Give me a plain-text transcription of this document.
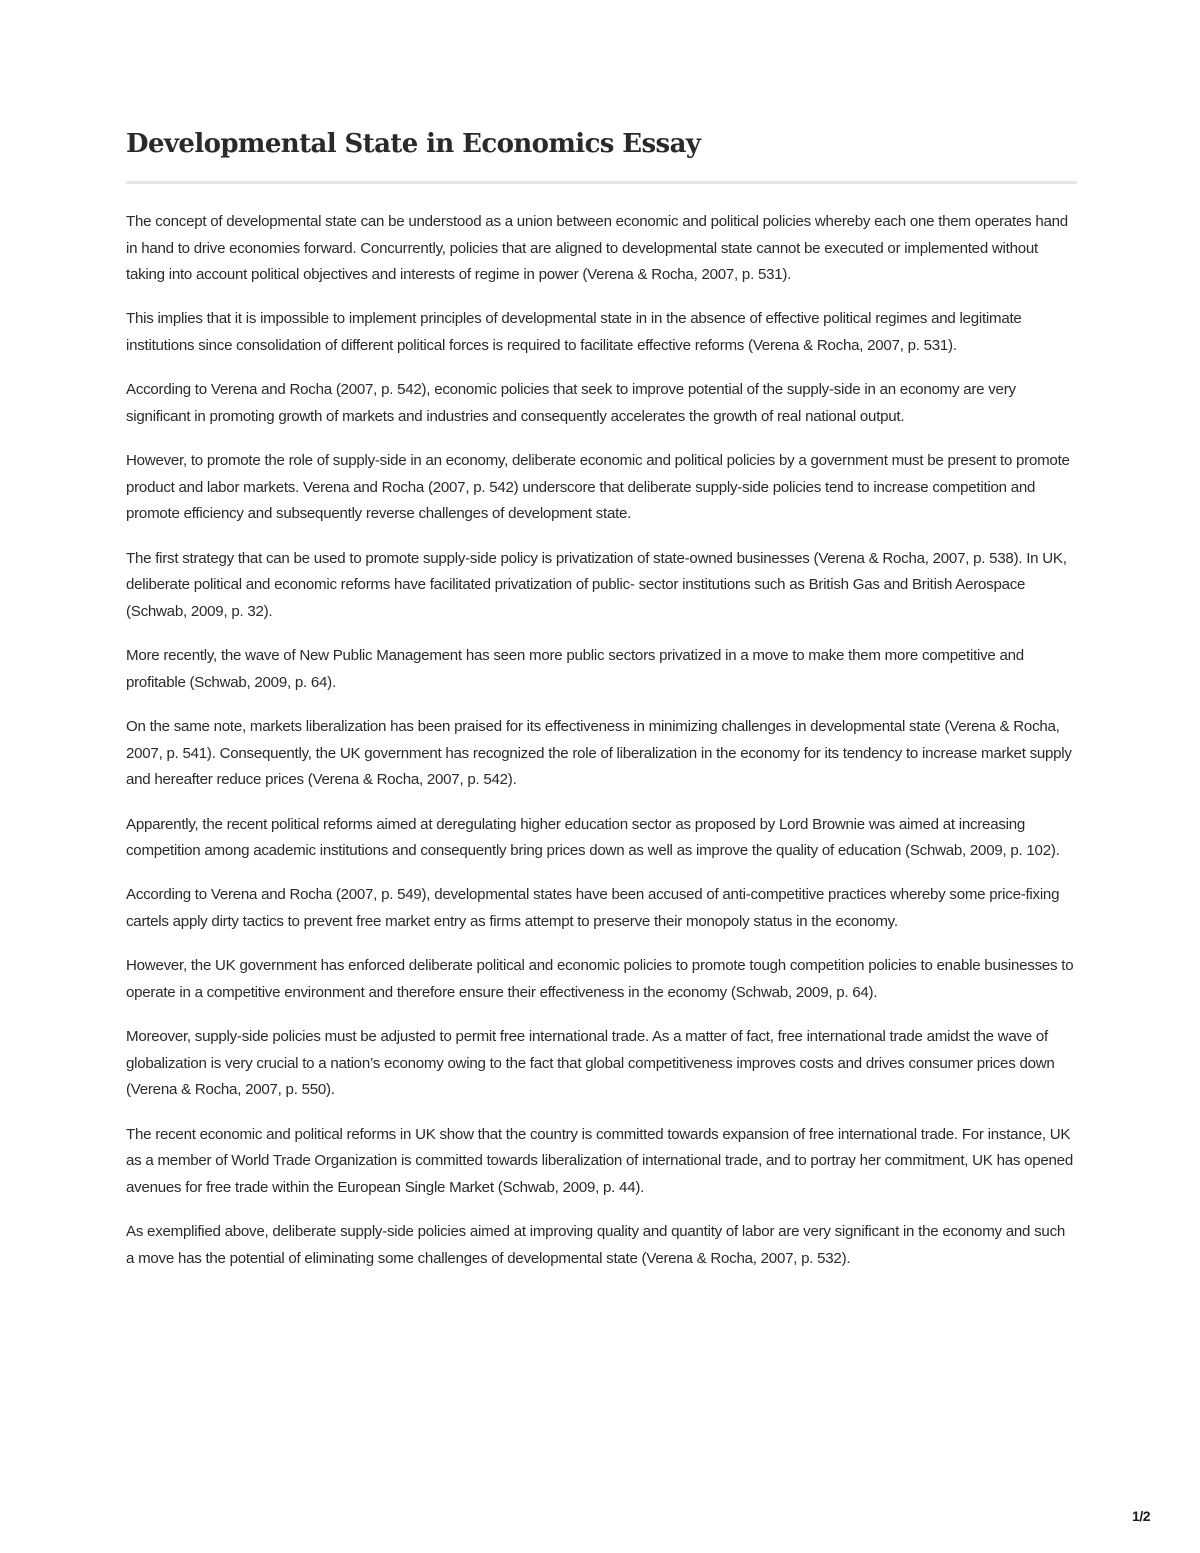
Developmental State in Economics Essay

The concept of developmental state can be understood as a union between economic and political policies whereby each one them operates hand in hand to drive economies forward. Concurrently, policies that are aligned to developmental state cannot be executed or implemented without taking into account political objectives and interests of regime in power (Verena & Rocha, 2007, p. 531).

This implies that it is impossible to implement principles of developmental state in in the absence of effective political regimes and legitimate institutions since consolidation of different political forces is required to facilitate effective reforms (Verena & Rocha, 2007, p. 531).

According to Verena and Rocha (2007, p. 542), economic policies that seek to improve potential of the supply-side in an economy are very significant in promoting growth of markets and industries and consequently accelerates the growth of real national output.

However, to promote the role of supply-side in an economy, deliberate economic and political policies by a government must be present to promote product and labor markets. Verena and Rocha (2007, p. 542) underscore that deliberate supply-side policies tend to increase competition and promote efficiency and subsequently reverse challenges of development state.

The first strategy that can be used to promote supply-side policy is privatization of state-owned businesses (Verena & Rocha, 2007, p. 538). In UK, deliberate political and economic reforms have facilitated privatization of public- sector institutions such as British Gas and British Aerospace (Schwab, 2009, p. 32).

More recently, the wave of New Public Management has seen more public sectors privatized in a move to make them more competitive and profitable (Schwab, 2009, p. 64).

On the same note, markets liberalization has been praised for its effectiveness in minimizing challenges in developmental state (Verena & Rocha, 2007, p. 541). Consequently, the UK government has recognized the role of liberalization in the economy for its tendency to increase market supply and hereafter reduce prices (Verena & Rocha, 2007, p. 542).

Apparently, the recent political reforms aimed at deregulating higher education sector as proposed by Lord Brownie was aimed at increasing competition among academic institutions and consequently bring prices down as well as improve the quality of education (Schwab, 2009, p. 102).

According to Verena and Rocha (2007, p. 549), developmental states have been accused of anti-competitive practices whereby some price-fixing cartels apply dirty tactics to prevent free market entry as firms attempt to preserve their monopoly status in the economy.

However, the UK government has enforced deliberate political and economic policies to promote tough competition policies to enable businesses to operate in a competitive environment and therefore ensure their effectiveness in the economy (Schwab, 2009, p. 64).

Moreover, supply-side policies must be adjusted to permit free international trade. As a matter of fact, free international trade amidst the wave of globalization is very crucial to a nation’s economy owing to the fact that global competitiveness improves costs and drives consumer prices down (Verena & Rocha, 2007, p. 550).

The recent economic and political reforms in UK show that the country is committed towards expansion of free international trade. For instance, UK as a member of World Trade Organization is committed towards liberalization of international trade, and to portray her commitment, UK has opened avenues for free trade within the European Single Market (Schwab, 2009, p. 44).

As exemplified above, deliberate supply-side policies aimed at improving quality and quantity of labor are very significant in the economy and such a move has the potential of eliminating some challenges of developmental state (Verena & Rocha, 2007, p. 532).

1/2
